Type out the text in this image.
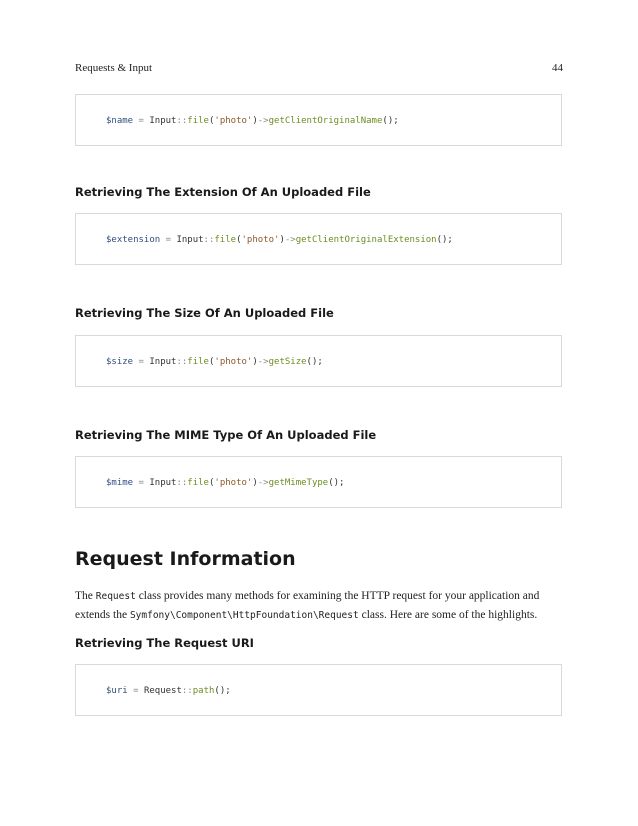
Requests & Input	44
$name = Input::file('photo')->getClientOriginalName();
Retrieving The Extension Of An Uploaded File
$extension = Input::file('photo')->getClientOriginalExtension();
Retrieving The Size Of An Uploaded File
$size = Input::file('photo')->getSize();
Retrieving The MIME Type Of An Uploaded File
$mime = Input::file('photo')->getMimeType();
Request Information

The Request class provides many methods for examining the HTTP request for your application and extends the Symfony\Component\HttpFoundation\Request class. Here are some of the highlights.

Retrieving The Request URI
$uri = Request::path();
